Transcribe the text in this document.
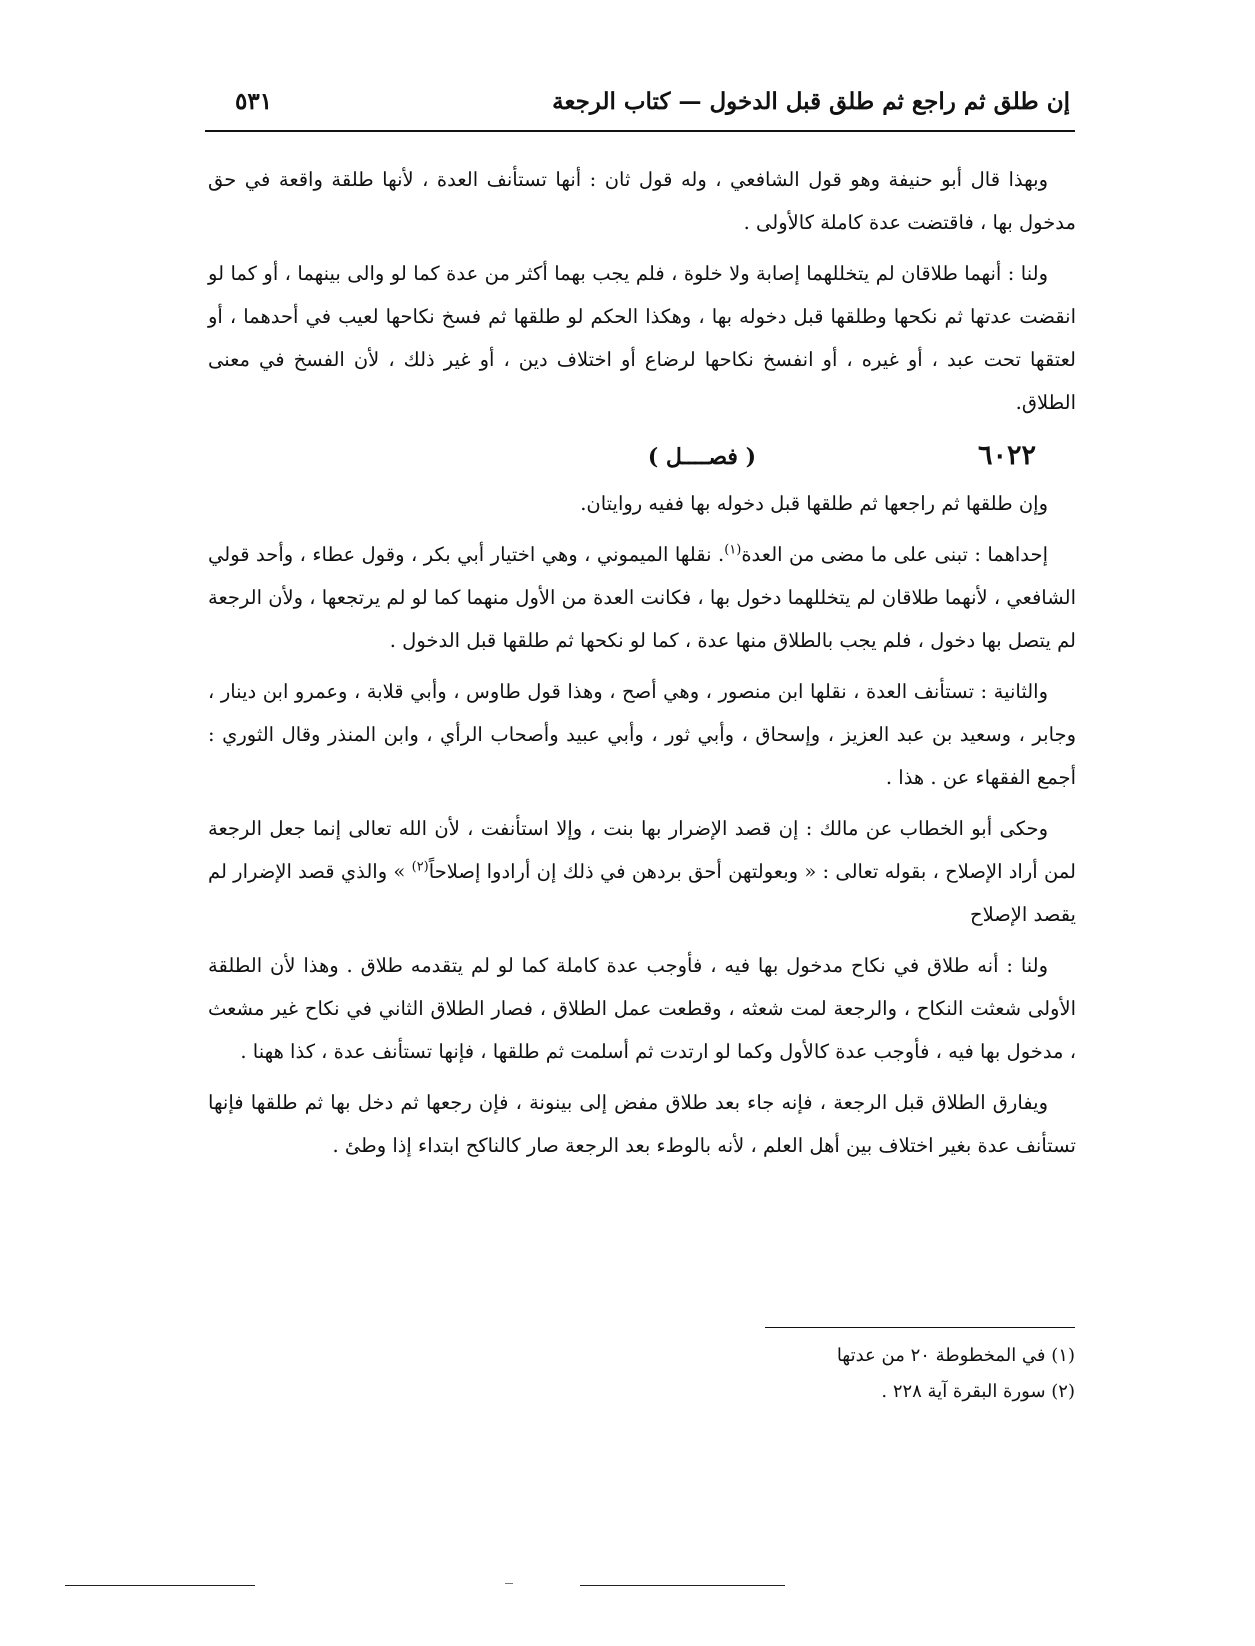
إن طلق ثم راجع ثم طلق قبل الدخول — كتاب الرجعة
٥٣١

وبهذا قال أبو حنيفة وهو قول الشافعي ، وله قول ثان : أنها تستأنف العدة ، لأنها طلقة واقعة في حق مدخول بها ، فاقتضت عدة كاملة كالأولى .

ولنا : أنهما طلاقان لم يتخللهما إصابة ولا خلوة ، فلم يجب بهما أكثر من عدة كما لو والى بينهما ، أو كما لو انقضت عدتها ثم نكحها وطلقها قبل دخوله بها ، وهكذا الحكم لو طلقها ثم فسخ نكاحها لعيب في أحدهما ، أو لعتقها تحت عبد ، أو غيره ، أو انفسخ نكاحها لرضاع أو اختلاف دين ، أو غير ذلك ، لأن الفسخ في معنى الطلاق.

٦٠٢٢
( فصــــل )

وإن طلقها ثم راجعها ثم طلقها قبل دخوله بها ففيه روايتان.

إحداهما : تبنى على ما مضى من العدة$^{(١)}$. نقلها الميموني ، وهي اختيار أبي بكر ، وقول عطاء ، وأحد قولي الشافعي ، لأنهما طلاقان لم يتخللهما دخول بها ، فكانت العدة من الأول منهما كما لو لم يرتجعها ، ولأن الرجعة لم يتصل بها دخول ، فلم يجب بالطلاق منها عدة ، كما لو نكحها ثم طلقها قبل الدخول .

والثانية : تستأنف العدة ، نقلها ابن منصور ، وهي أصح ، وهذا قول طاوس ، وأبي قلابة ، وعمرو ابن دينار ، وجابر ، وسعيد بن عبد العزيز ، وإسحاق ، وأبي ثور ، وأبي عبيد وأصحاب الرأي ، وابن المنذر وقال الثوري : أجمع الفقهاء عن . هذا .

وحكى أبو الخطاب عن مالك : إن قصد الإضرار بها بنت ، وإلا استأنفت ، لأن الله تعالى إنما جعل الرجعة لمن أراد الإصلاح ، بقوله تعالى : « وبعولتهن أحق بردهن في ذلك إن أرادوا إصلاحاً$^{(٢)}$ » والذي قصد الإضرار لم يقصد الإصلاح

ولنا : أنه طلاق في نكاح مدخول بها فيه ، فأوجب عدة كاملة كما لو لم يتقدمه طلاق . وهذا لأن الطلقة الأولى شعثت النكاح ، والرجعة لمت شعثه ، وقطعت عمل الطلاق ، فصار الطلاق الثاني في نكاح غير مشعث ، مدخول بها فيه ، فأوجب عدة كالأول وكما لو ارتدت ثم أسلمت ثم طلقها ، فإنها تستأنف عدة ، كذا ههنا .

ويفارق الطلاق قبل الرجعة ، فإنه جاء بعد طلاق مفض إلى بينونة ، فإن رجعها ثم دخل بها ثم طلقها فإنها تستأنف عدة بغير اختلاف بين أهل العلم ، لأنه بالوطء بعد الرجعة صار كالناكح ابتداء إذا وطئ .

(١) في المخطوطة ٢٠ من عدتها

(٢) سورة البقرة آية ٢٢٨ .
